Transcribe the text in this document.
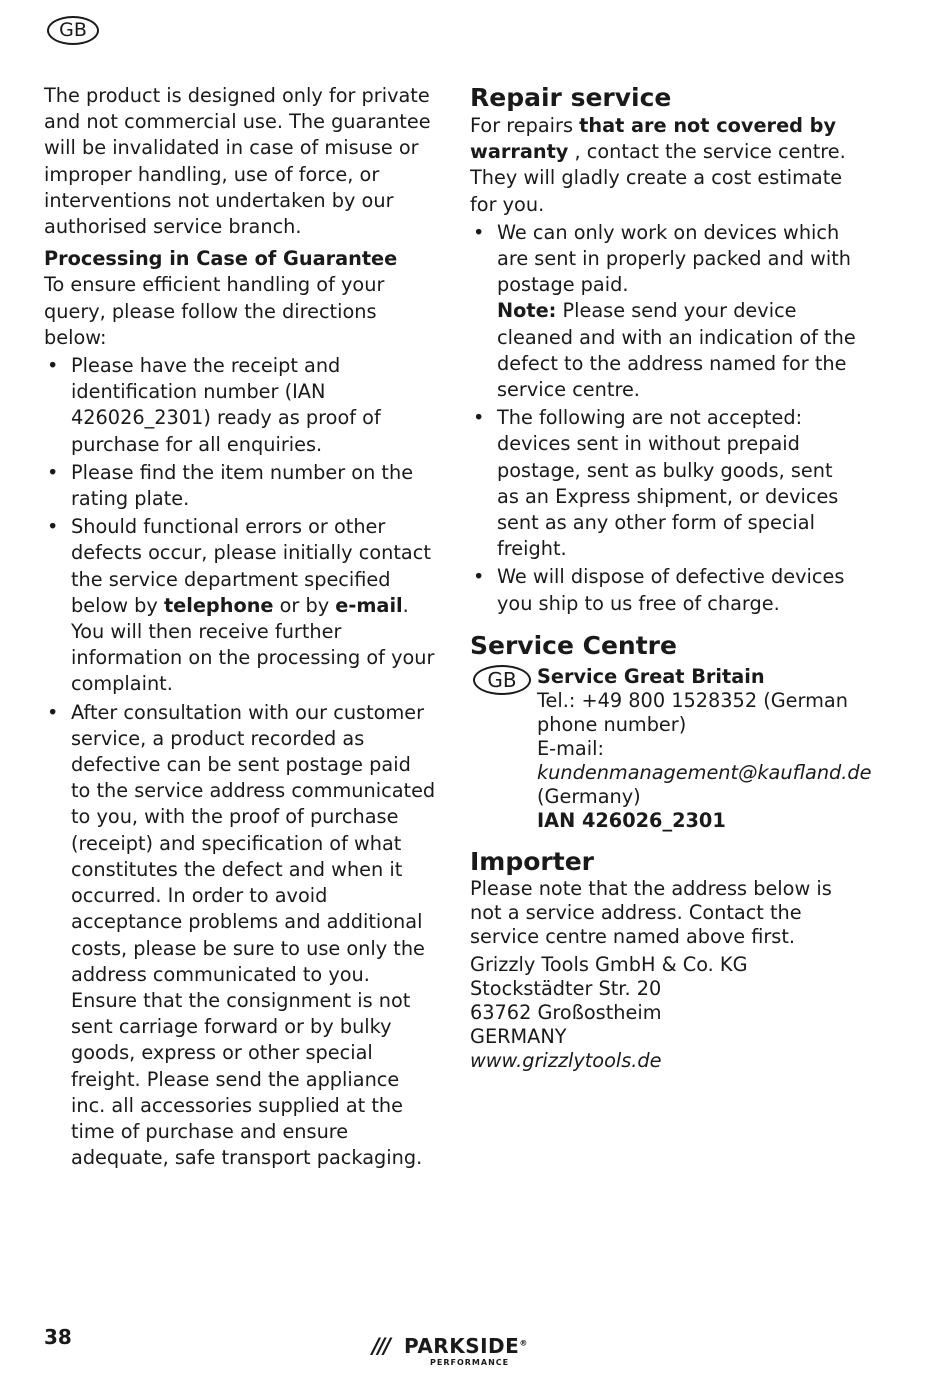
GB

The product is designed only for private and not commercial use. The guarantee will be invalidated in case of misuse or improper handling, use of force, or interventions not undertaken by our authorised service branch.

Processing in Case of Guarantee

To ensure efficient handling of your query, please follow the directions below:

• Please have the receipt and identification number (IAN 426026_2301) ready as proof of purchase for all enquiries.
• Please find the item number on the rating plate.
• Should functional errors or other defects occur, please initially contact the service department specified below by telephone or by e-mail. You will then receive further information on the processing of your complaint.
• After consultation with our customer service, a product recorded as defective can be sent postage paid to the service address communicated to you, with the proof of purchase (receipt) and specification of what constitutes the defect and when it occurred. In order to avoid acceptance problems and additional costs, please be sure to use only the address communicated to you. Ensure that the consignment is not sent carriage forward or by bulky goods, express or other special freight. Please send the appliance inc. all accessories supplied at the time of purchase and ensure adequate, safe transport packaging.

Repair service

For repairs that are not covered by warranty , contact the service centre. They will gladly create a cost estimate for you.

• We can only work on devices which are sent in properly packed and with postage paid.
Note: Please send your device cleaned and with an indication of the defect to the address named for the service centre.
• The following are not accepted: devices sent in without prepaid postage, sent as bulky goods, sent as an Express shipment, or devices sent as any other form of special freight.
• We will dispose of defective devices you ship to us free of charge.

Service Centre

GB	Service Great Britain
Tel.: +49 800 1528352 (German phone number)
E-mail:
kundenmanagement@kaufland.de
(Germany)
IAN 426026_2301

Importer

Please note that the address below is not a service address. Contact the service centre named above first.

Grizzly Tools GmbH & Co. KG
Stockstädter Str. 20
63762 Großostheim
GERMANY
www.grizzlytools.de
38	/// PARKSIDE®
PERFORMANCE
